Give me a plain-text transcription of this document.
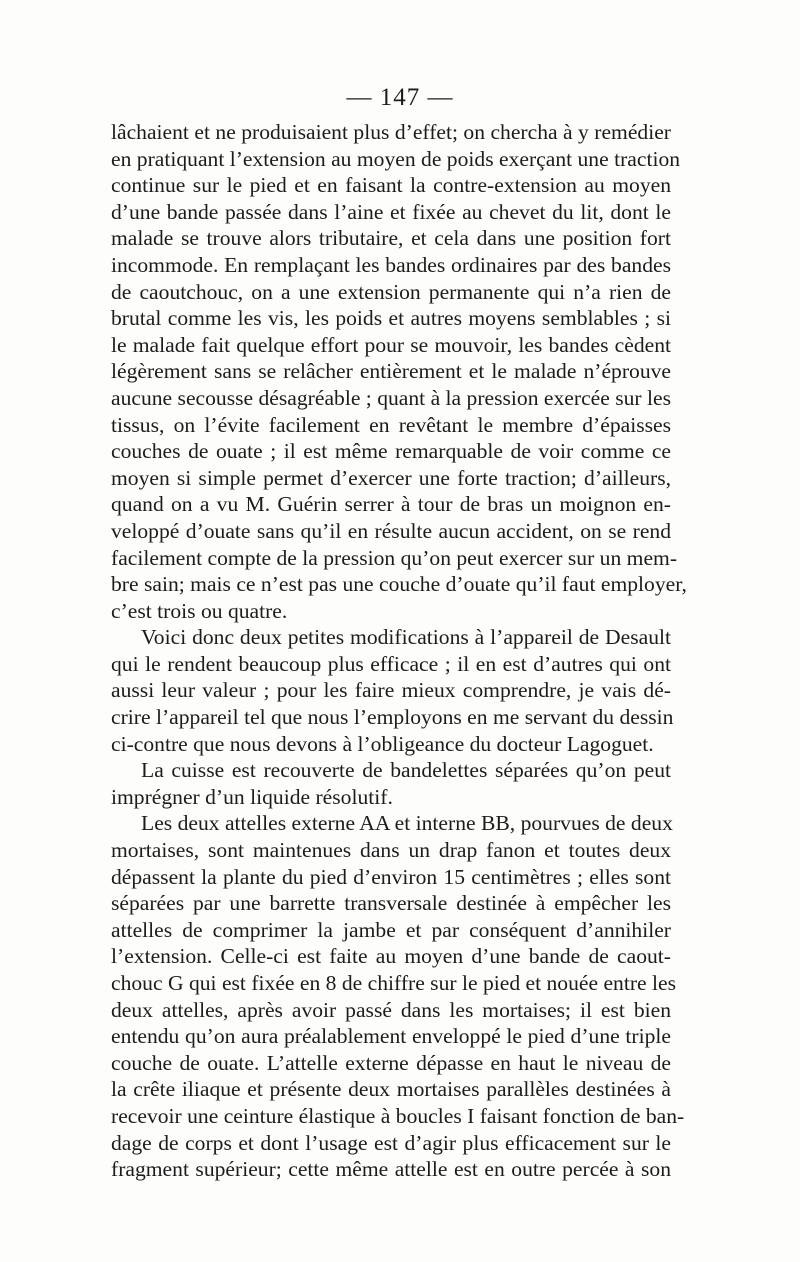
— 147 —
lâchaient et ne produisaient plus d’effet; on chercha à y remédier
en pratiquant l’extension au moyen de poids exerçant une traction
continue sur le pied et en faisant la contre-extension au moyen
d’une bande passée dans l’aine et fixée au chevet du lit, dont le
malade se trouve alors tributaire, et cela dans une position fort
incommode. En remplaçant les bandes ordinaires par des bandes
de caoutchouc, on a une extension permanente qui n’a rien de
brutal comme les vis, les poids et autres moyens semblables ; si
le malade fait quelque effort pour se mouvoir, les bandes cèdent
légèrement sans se relâcher entièrement et le malade n’éprouve
aucune secousse désagréable ; quant à la pression exercée sur les
tissus, on l’évite facilement en revêtant le membre d’épaisses
couches de ouate ; il est même remarquable de voir comme ce
moyen si simple permet d’exercer une forte traction; d’ailleurs,
quand on a vu M. Guérin serrer à tour de bras un moignon en-
veloppé d’ouate sans qu’il en résulte aucun accident, on se rend
facilement compte de la pression qu’on peut exercer sur un mem-
bre sain; mais ce n’est pas une couche d’ouate qu’il faut employer,
c’est trois ou quatre.
Voici donc deux petites modifications à l’appareil de Desault
qui le rendent beaucoup plus efficace ; il en est d’autres qui ont
aussi leur valeur ; pour les faire mieux comprendre, je vais dé-
crire l’appareil tel que nous l’employons en me servant du dessin
ci-contre que nous devons à l’obligeance du docteur Lagoguet.
La cuisse est recouverte de bandelettes séparées qu’on peut
imprégner d’un liquide résolutif.
Les deux attelles externe AA et interne BB, pourvues de deux
mortaises, sont maintenues dans un drap fanon et toutes deux
dépassent la plante du pied d’environ 15 centimètres ; elles sont
séparées par une barrette transversale destinée à empêcher les
attelles de comprimer la jambe et par conséquent d’annihiler
l’extension. Celle-ci est faite au moyen d’une bande de caout-
chouc G qui est fixée en 8 de chiffre sur le pied et nouée entre les
deux attelles, après avoir passé dans les mortaises; il est bien
entendu qu’on aura préalablement enveloppé le pied d’une triple
couche de ouate. L’attelle externe dépasse en haut le niveau de
la crête iliaque et présente deux mortaises parallèles destinées à
recevoir une ceinture élastique à boucles I faisant fonction de ban-
dage de corps et dont l’usage est d’agir plus efficacement sur le
fragment supérieur; cette même attelle est en outre percée à son
